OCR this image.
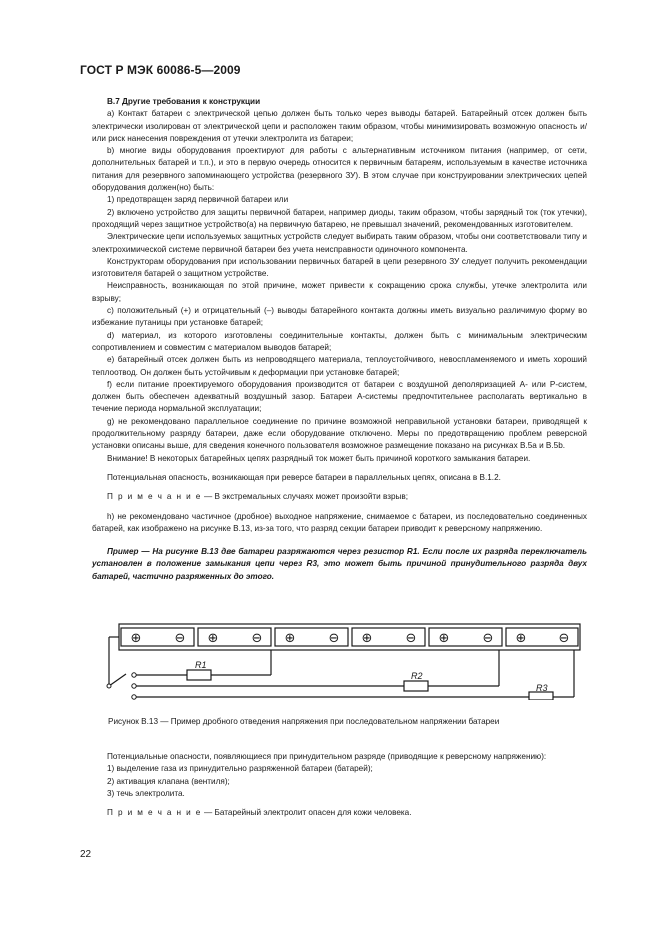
ГОСТ Р МЭК 60086-5—2009

В.7 Другие требования к конструкции

а) Контакт батареи с электрической цепью должен быть только через выводы батарей. Батарейный отсек должен быть электрически изолирован от электрической цепи и расположен таким образом, чтобы минимизировать возможную опасность и/или риск нанесения повреждения от утечки электролита из батареи;

b) многие виды оборудования проектируют для работы с альтернативным источником питания (например, от сети, дополнительных батарей и т.п.), и это в первую очередь относится к первичным батареям, используемым в качестве источника питания для резервного запоминающего устройства (резервного ЗУ). В этом случае при конструировании электрических цепей оборудования должен(но) быть:

1) предотвращен заряд первичной батареи или

2) включено устройство для защиты первичной батареи, например диоды, таким образом, чтобы зарядный ток (ток утечки), проходящий через защитное устройство(а) на первичную батарею, не превышал значений, рекомендованных изготовителем.

Электрические цепи используемых защитных устройств следует выбирать таким образом, чтобы они соответствовали типу и электрохимической системе первичной батареи без учета неисправности одиночного компонента.

Конструкторам оборудования при использовании первичных батарей в цепи резервного ЗУ следует получить рекомендации изготовителя батарей о защитном устройстве.

Неисправность, возникающая по этой причине, может привести к сокращению срока службы, утечке электролита или взрыву;

с) положительный (+) и отрицательный (–) выводы батарейного контакта должны иметь визуально различимую форму во избежание путаницы при установке батарей;

d) материал, из которого изготовлены соединительные контакты, должен быть с минимальным электрическим сопротивлением и совместим с материалом выводов батарей;

е) батарейный отсек должен быть из непроводящего материала, теплоустойчивого, невоспламеняемого и иметь хороший теплоотвод. Он должен быть устойчивым к деформации при установке батарей;

f) если питание проектируемого оборудования производится от батареи с воздушной деполяризацией А- или Р-систем, должен быть обеспечен адекватный воздушный зазор. Батареи А-системы предпочтительнее располагать вертикально в течение периода нормальной эксплуатации;

g) не рекомендовано параллельное соединение по причине возможной неправильной установки батареи, приводящей к продолжительному разряду батареи, даже если оборудование отключено. Меры по предотвращению проблем реверсной установки описаны выше, для сведения конечного пользователя возможное размещение показано на рисунках В.5а и В.5b.

Внимание! В некоторых батарейных цепях разрядный ток может быть причиной короткого замыкания батареи.

Потенциальная опасность, возникающая при реверсе батареи в параллельных цепях, описана в В.1.2.

П р и м е ч а н и е — В экстремальных случаях может произойти взрыв;

h) не рекомендовано частичное (дробное) выходное напряжение, снимаемое с батареи, из последовательно соединенных батарей, как изображено на рисунке В.13, из-за того, что разряд секции батареи приводит к реверсному напряжению.

Пример — На рисунке В.13 две батареи разряжаются через резистор R1. Если после их разряда переключатель установлен в положение замыкания цепи через R3, это может быть причиной принудительного разряда двух батарей, частично разряженных до этого.

⊕	⊖ ⊕	⊖ ⊕	⊖ ⊕	⊖ ⊕	⊖ ⊕ ⊖
R1
R2
R3
Рисунок В.13 — Пример дробного отведения напряжения при последовательном напряжении батареи

Потенциальные опасности, появляющиеся при принудительном разряде (приводящие к реверсному напряжению):

1) выделение газа из принудительно разряженной батареи (батарей);

2) активация клапана (вентиля);

3) течь электролита.

П р и м е ч а н и е — Батарейный электролит опасен для кожи человека.

22
